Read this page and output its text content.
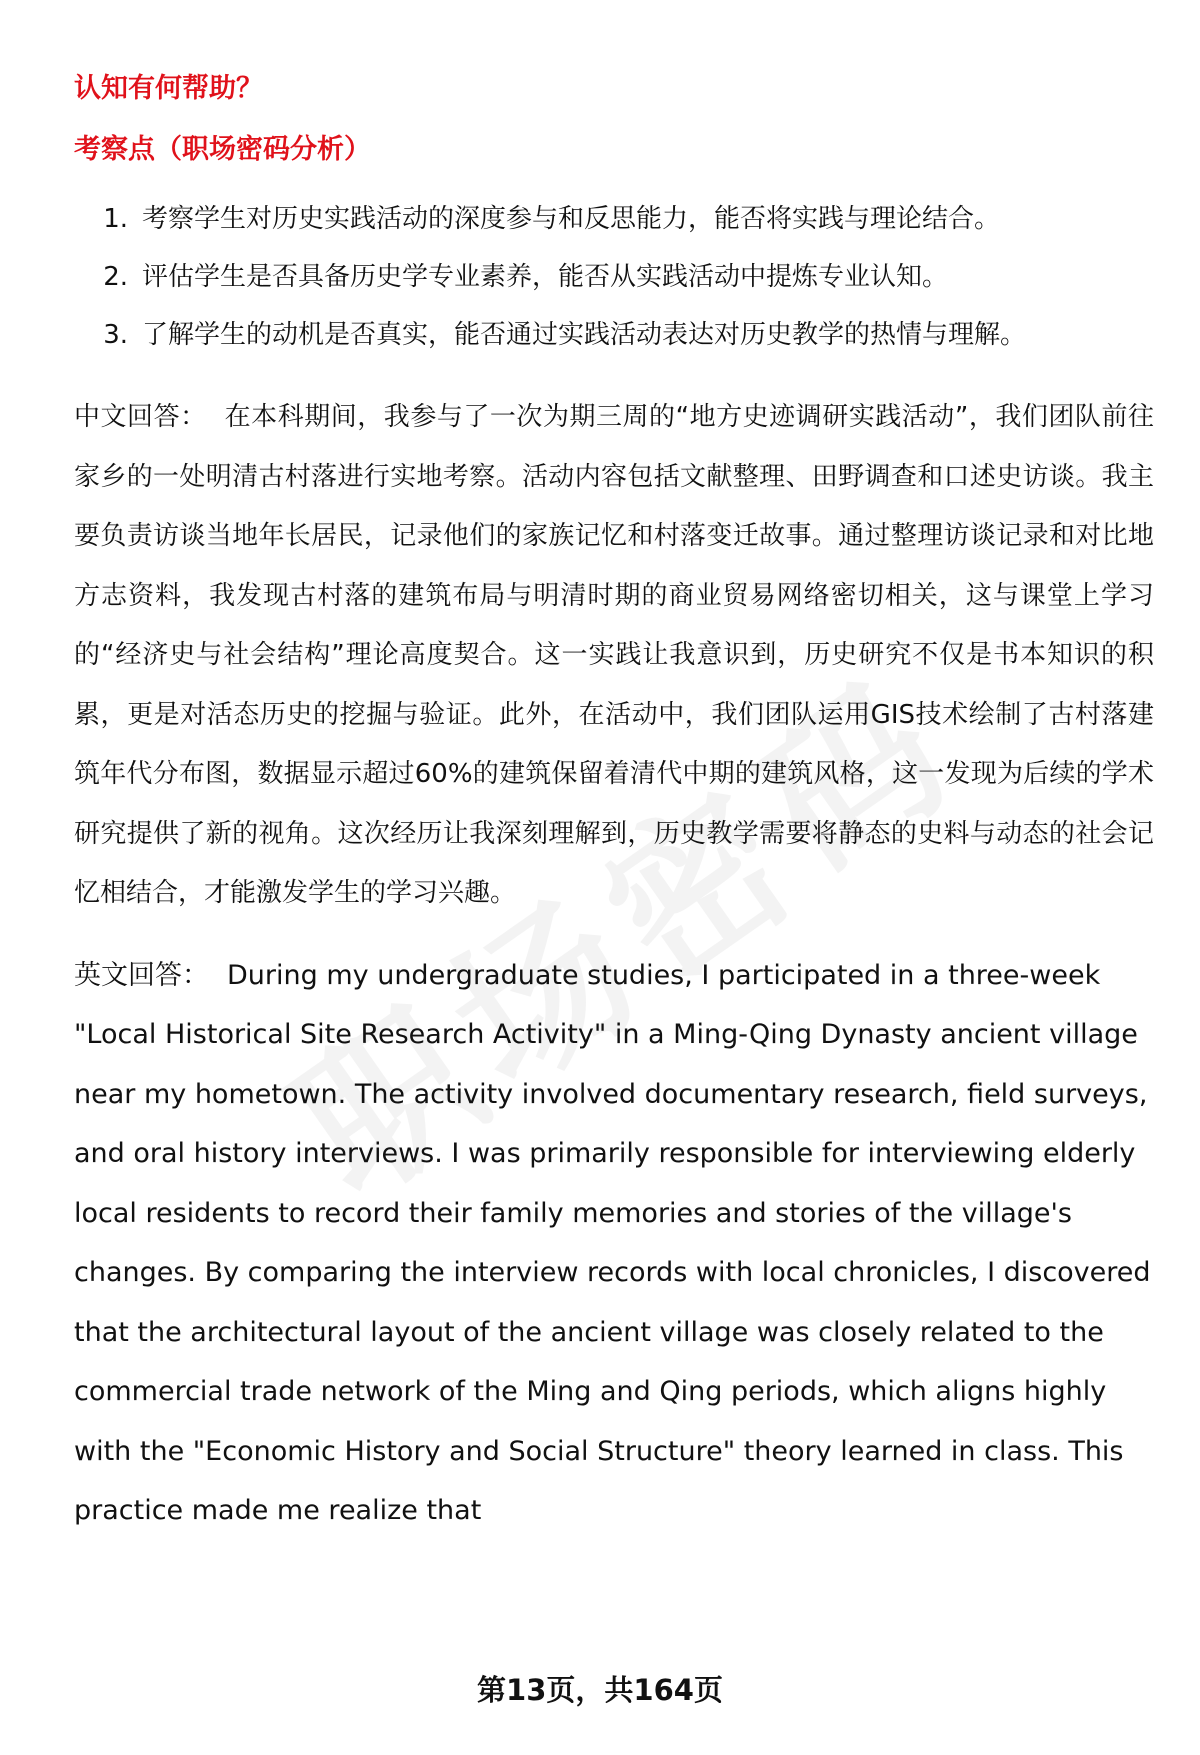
认知有何帮助？
考察点（职场密码分析）
1. 考察学生对历史实践活动的深度参与和反思能力，能否将实践与理论结合。
2. 评估学生是否具备历史学专业素养，能否从实践活动中提炼专业认知。
3. 了解学生的动机是否真实，能否通过实践活动表达对历史教学的热情与理解。

中文回答： 在本科期间，我参与了一次为期三周的“地方史迹调研实践活动”，我们团队前往家乡的一处明清古村落进行实地考察。活动内容包括文献整理、田野调查和口述史访谈。我主要负责访谈当地年长居民，记录他们的家族记忆和村落变迁故事。通过整理访谈记录和对比地方志资料，我发现古村落的建筑布局与明清时期的商业贸易网络密切相关，这与课堂上学习的“经济史与社会结构”理论高度契合。这一实践让我意识到，历史研究不仅是书本知识的积累，更是对活态历史的挖掘与验证。此外，在活动中，我们团队运用GIS技术绘制了古村落建筑年代分布图，数据显示超过60%的建筑保留着清代中期的建筑风格，这一发现为后续的学术研究提供了新的视角。这次经历让我深刻理解到，历史教学需要将静态的史料与动态的社会记忆相结合，才能激发学生的学习兴趣。

英文回答： During my undergraduate studies, I participated in a three-week "Local Historical Site Research Activity" in a Ming-Qing Dynasty ancient village near my hometown. The activity involved documentary research, field surveys, and oral history interviews. I was primarily responsible for interviewing elderly local residents to record their family memories and stories of the village's changes. By comparing the interview records with local chronicles, I discovered that the architectural layout of the ancient village was closely related to the commercial trade network of the Ming and Qing periods, which aligns highly with the "Economic History and Social Structure" theory learned in class. This practice made me realize that

第13页，共164页
